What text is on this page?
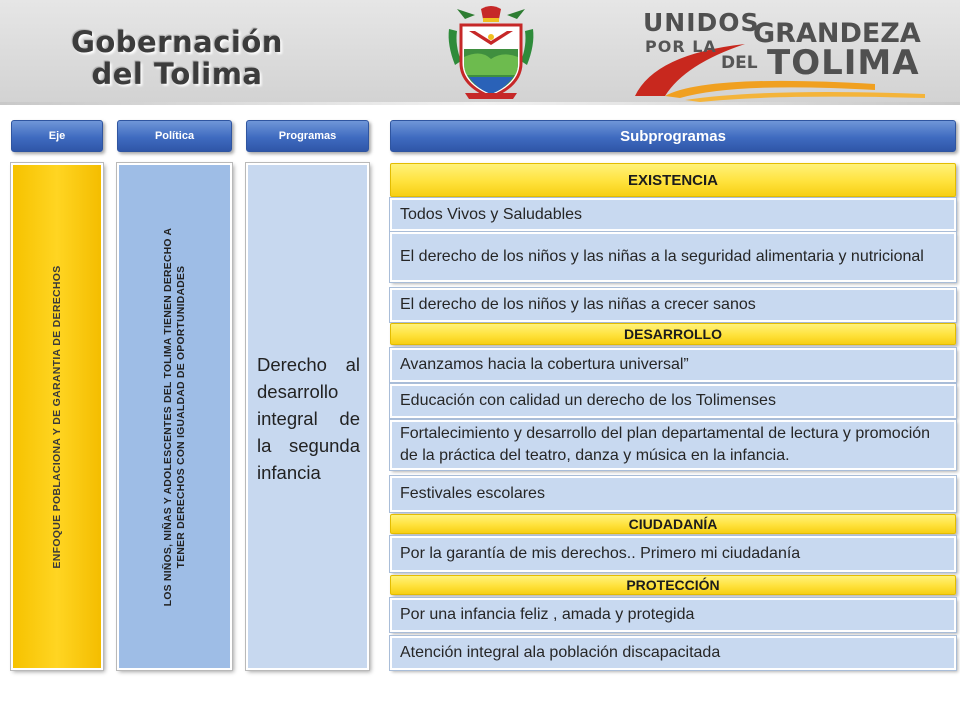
Gobernación
del Tolima
UNIDOS
POR LA GRANDEZA
DEL TOLIMA
Eje	Política	Programas	Subprogramas
ENFOQUE POBLACIONA Y DE GARANTIA DE DERECHOS	LOS NIÑOS, NIÑAS Y ADOLESCENTES DEL TOLIMA TIENEN DERECHO A TENER DERECHOS CON IGUALDAD DE OPORTUNIDADES	Derecho al desarrollo integral de la segunda infancia
EXISTENCIA
Todos Vivos y Saludables
El derecho de los niños y las niñas a la seguridad alimentaria y nutricional
El derecho de los niños y las niñas a crecer sanos
DESARROLLO
Avanzamos hacia la cobertura universal”
Educación con calidad un derecho de los Tolimenses
Fortalecimiento y desarrollo del plan departamental de lectura y promoción de la práctica del teatro, danza y música en la infancia.
Festivales escolares
CIUDADANÍA
Por la garantía de mis derechos.. Primero mi ciudadanía
PROTECCIÓN
Por una infancia feliz , amada y protegida
Atención integral ala población discapacitada
